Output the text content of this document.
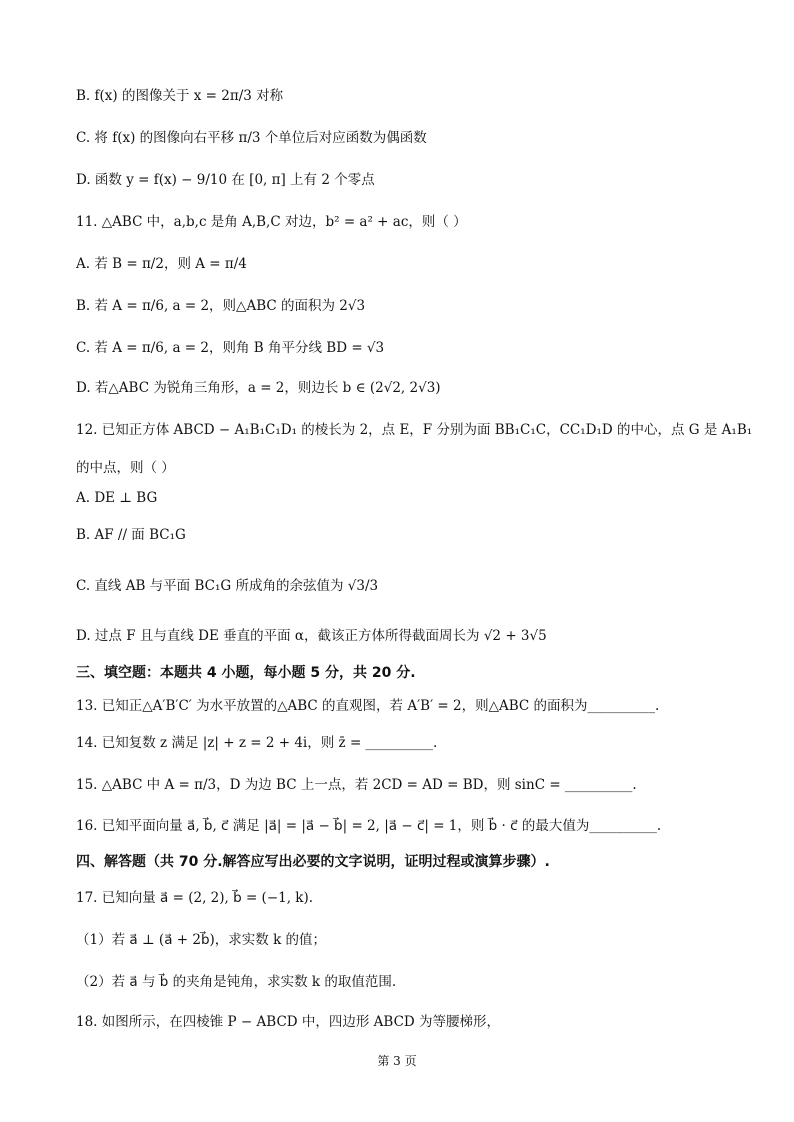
B. f(x) 的图像关于 x = 2π/3 对称
C. 将 f(x) 的图像向右平移 π/3 个单位后对应函数为偶函数
D. 函数 y = f(x) − 9/10 在 [0, π] 上有 2 个零点
11. △ABC 中，a,b,c 是角 A,B,C 对边，b² = a² + ac，则（ ）
A. 若 B = π/2，则 A = π/4
B. 若 A = π/6, a = 2，则△ABC 的面积为 2√3
C. 若 A = π/6, a = 2，则角 B 角平分线 BD = √3
D. 若△ABC 为锐角三角形，a = 2，则边长 b ∈ (2√2, 2√3)
12. 已知正方体 ABCD − A₁B₁C₁D₁ 的棱长为 2，点 E，F 分别为面 BB₁C₁C，CC₁D₁D 的中心，点 G 是 A₁B₁
的中点，则（ ）
A. DE ⊥ BG
B. AF // 面 BC₁G
C. 直线 AB 与平面 BC₁G 所成角的余弦值为 √3/3
D. 过点 F 且与直线 DE 垂直的平面 α，截该正方体所得截面周长为 √2 + 3√5
三、填空题：本题共 4 小题，每小题 5 分，共 20 分.
13. 已知正△A′B′C′ 为水平放置的△ABC 的直观图，若 A′B′ = 2，则△ABC 的面积为__________.
14. 已知复数 z 满足 |z| + z = 2 + 4i，则 z̄ = __________.
15. △ABC 中 A = π/3，D 为边 BC 上一点，若 2CD = AD = BD，则 sinC = __________.
16. 已知平面向量 a⃗, b⃗, c⃗ 满足 |a⃗| = |a⃗ − b⃗| = 2, |a⃗ − c⃗| = 1，则 b⃗ · c⃗ 的最大值为__________.
四、解答题（共 70 分.解答应写出必要的文字说明，证明过程或演算步骤）.
17. 已知向量 a⃗ = (2, 2), b⃗ = (−1, k).
（1）若 a⃗ ⊥ (a⃗ + 2b⃗)，求实数 k 的值；
（2）若 a⃗ 与 b⃗ 的夹角是钝角，求实数 k 的取值范围.
18. 如图所示，在四棱锥 P − ABCD 中，四边形 ABCD 为等腰梯形，
第 3 页
